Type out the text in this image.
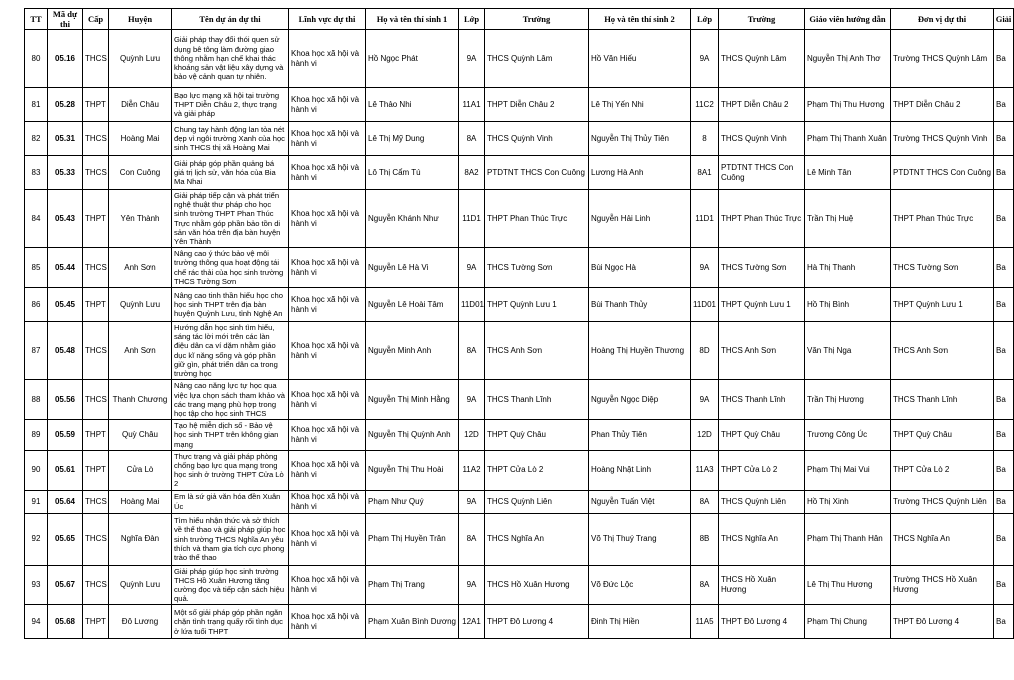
TT	Mã dự thi	Cấp	Huyện	Tên dự án dự thi	Lĩnh vực dự thi	Họ và tên thí sinh 1	Lớp	Trường	Họ và tên thí sinh 2	Lớp	Trường	Giáo viên hướng dẫn	Đơn vị dự thi	Giải
80	05.16	THCS	Quỳnh Lưu	Giải pháp thay đổi thói quen sử dụng bê tông làm đường giao thông nhằm hạn chế khai thác khoáng sản vật liệu xây dựng và bảo vệ cảnh quan tự nhiên.	Khoa học xã hội và hành vi	Hồ Ngọc Phát	9A	THCS Quỳnh Lâm	Hồ Văn Hiếu	9A	THCS Quỳnh Lâm	Nguyễn Thị Anh Thơ	Trường THCS Quỳnh Lâm	Ba
81	05.28	THPT	Diễn Châu	Bạo lực mạng xã hội tại trường THPT Diễn Châu 2, thực trạng và giải pháp	Khoa học xã hội và hành vi	Lê Thảo Nhi	11A1	THPT Diễn Châu 2	Lê Thị Yến Nhi	11C2	THPT Diễn Châu 2	Phạm Thị Thu Hương	THPT Diễn Châu 2	Ba
82	05.31	THCS	Hoàng Mai	Chung tay hành động lan tỏa nét đẹp vì ngôi trường Xanh của học sinh THCS thị xã Hoàng Mai	Khoa học xã hội và hành vi	Lê Thị Mỹ Dung	8A	THCS Quỳnh Vinh	Nguyễn Thị Thủy Tiên	8	THCS Quỳnh Vinh	Phạm Thị Thanh Xuân	Trường THCS Quỳnh Vinh	Ba
83	05.33	THCS	Con Cuông	Giải pháp góp phần quảng bá giá trị lịch sử, văn hóa của Bia Ma Nhai	Khoa học xã hội và hành vi	Lô Thị Cẩm Tú	8A2	PTDTNT THCS Con Cuông	Lương Hà Anh	8A1	PTDTNT THCS Con Cuông	Lê Minh Tân	PTDTNT THCS Con Cuông	Ba
84	05.43	THPT	Yên Thành	Giải pháp tiếp cận và phát triển nghệ thuật thư pháp cho học sinh trường THPT Phan Thúc Trực nhằm góp phần bảo tồn di sản văn hóa trên địa bàn huyện Yên Thành	Khoa học xã hội và hành vi	Nguyễn Khánh Như	11D1	THPT Phan Thúc Trực	Nguyễn Hải Linh	11D1	THPT Phan Thúc Trực	Trần Thị Huệ	THPT Phan Thúc Trực	Ba
85	05.44	THCS	Anh Sơn	Nâng cao ý thức bảo vệ môi trường thông qua hoạt động tái chế rác thải của học sinh trường THCS Tường Sơn	Khoa học xã hội và hành vi	Nguyễn Lê Hà Vi	9A	THCS Tường Sơn	Bùi Ngọc Hà	9A	THCS Tường Sơn	Hà Thị Thanh	THCS Tường Sơn	Ba
86	05.45	THPT	Quỳnh Lưu	Nâng cao tinh thần hiếu học cho học sinh THPT trên địa bàn huyện Quỳnh Lưu, tỉnh Nghệ An	Khoa học xã hội và hành vi	Nguyễn Lê Hoài Tâm	11D01	THPT Quỳnh Lưu 1	Bùi Thanh Thủy	11D01	THPT Quỳnh Lưu 1	Hồ Thị Bình	THPT Quỳnh Lưu 1	Ba
87	05.48	THCS	Anh Sơn	Hướng dẫn học sinh tìm hiểu, sáng tác lời mới trên các làn điệu dân ca ví dặm nhằm giáo dục kĩ năng sống và góp phần giữ gìn, phát triển dân ca trong trường học	Khoa học xã hội và hành vi	Nguyễn Minh Anh	8A	THCS Anh Sơn	Hoàng Thị Huyền Thương	8D	THCS Anh Sơn	Văn Thị Nga	THCS Anh Sơn	Ba
88	05.56	THCS	Thanh Chương	Nâng cao năng lực tự học qua việc lựa chọn sách tham khảo và các trang mạng phù hợp trong học tập cho học sinh THCS	Khoa học xã hội và hành vi	Nguyễn Thị Minh Hằng	9A	THCS Thanh Lĩnh	Nguyễn Ngọc Diệp	9A	THCS Thanh Lĩnh	Trần Thị Hương	THCS Thanh Lĩnh	Ba
89	05.59	THPT	Quỳ Châu	Tạo hệ miễn dịch số - Bảo vệ học sinh THPT trên không gian mạng	Khoa học xã hội và hành vi	Nguyễn Thị Quỳnh Anh	12D	THPT Quỳ Châu	Phan Thủy Tiên	12D	THPT Quỳ Châu	Trương Công Úc	THPT Quỳ Châu	Ba
90	05.61	THPT	Cửa Lò	Thực trạng và giải pháp phòng chống bạo lực qua mạng trong học sinh ở trường THPT Cửa Lò 2	Khoa học xã hội và hành vi	Nguyễn Thị Thu Hoài	11A2	THPT Cửa Lò 2	Hoàng Nhật Linh	11A3	THPT Cửa Lò 2	Phạm Thị Mai Vui	THPT Cửa Lò 2	Ba
91	05.64	THCS	Hoàng Mai	Em là sứ giả văn hóa đền Xuân Úc	Khoa học xã hội và hành vi	Phạm Như Quý	9A	THCS Quỳnh Liên	Nguyễn Tuấn Việt	8A	THCS Quỳnh Liên	Hồ Thị Xinh	Trường THCS Quỳnh Liên	Ba
92	05.65	THCS	Nghĩa Đàn	Tìm hiểu nhận thức và sở thích về thể thao và giải pháp giúp học sinh trường THCS Nghĩa An yêu thích và tham gia tích cực phong trào thể thao	Khoa học xã hội và hành vi	Phạm Thị Huyền Trân	8A	THCS Nghĩa An	Võ Thị Thuý Trang	8B	THCS Nghĩa An	Phạm Thị Thanh Hân	THCS Nghĩa An	Ba
93	05.67	THCS	Quỳnh Lưu	Giải pháp giúp học sinh trường THCS Hồ Xuân Hương tăng cường đọc và tiếp cận sách hiệu quả.	Khoa học xã hội và hành vi	Phạm Thị Trang	9A	THCS Hồ Xuân Hương	Võ Đức Lộc	8A	THCS Hồ Xuân Hương	Lê Thị Thu Hương	Trường THCS Hồ Xuân Hương	Ba
94	05.68	THPT	Đô Lương	Một số giải pháp góp phần ngăn chặn tình trạng quấy rối tình dục ở lứa tuổi THPT	Khoa học xã hội và hành vi	Phạm Xuân Bình Dương	12A1	THPT Đô Lương 4	Đinh Thị Hiền	11A5	THPT Đô Lương 4	Phạm Thị Chung	THPT Đô Lương 4	Ba
